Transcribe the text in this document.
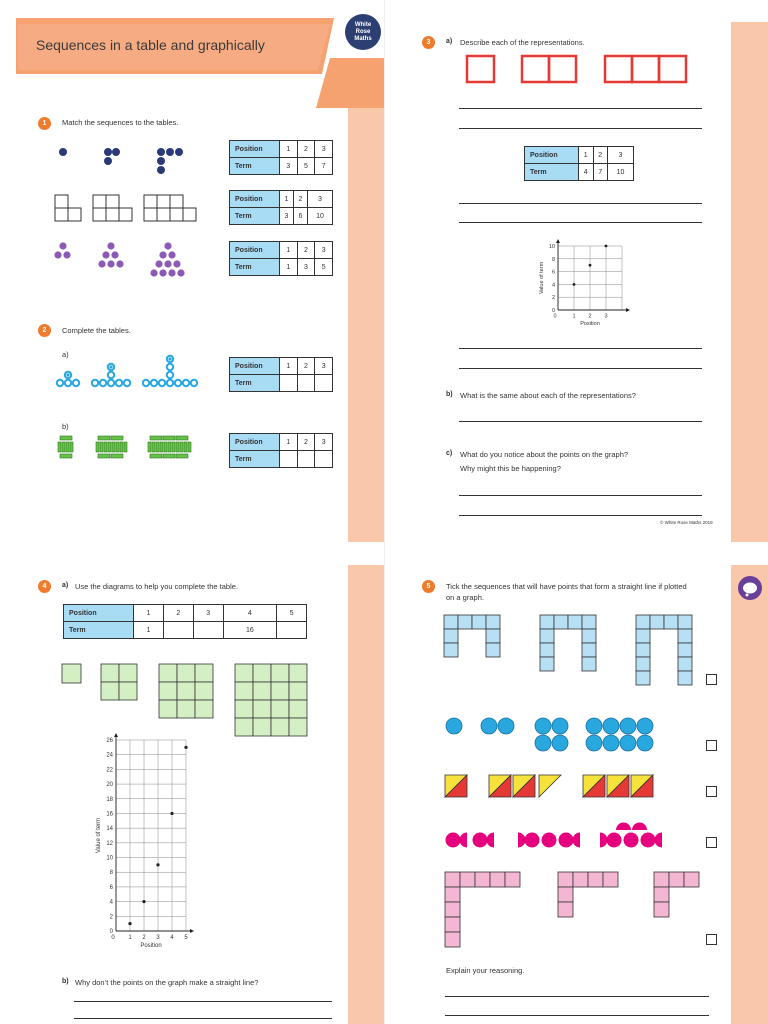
Sequences in a table and graphically
White
Rose
Maths
1	Match the sequences to the tables.
Position	1	2	3
Term	3	5	7
Position	1	2	3
Term	3	6	10
Position	1	2	3
Term	1	3	5
2	Complete the tables.
a)
b)
Position	1	2	3
Term			
Position	1	2	3
Term			
3	a) Describe each of the representations.
Position	1	2	3
Term	4	7	10
0
2
4
6
8
10
0	1 2 3
Position
Value of term
b) What is the same about each of the representations?
c) What do you notice about the points on the graph?
Why might this be happening?
© White Rose Maths 2019
4	a) Use the diagrams to help you complete the table.
Position	1	2	3	4	5
Term	1			16	
0
2
4
6
8
10
12
14
16
18
20
22
24
26
0 1 2 3 4 5
Position
Value of term
b) Why don’t the points on the graph make a straight line?
5	Tick the sequences that will have points that form a straight line if plotted
on a graph.
Explain your reasoning.
